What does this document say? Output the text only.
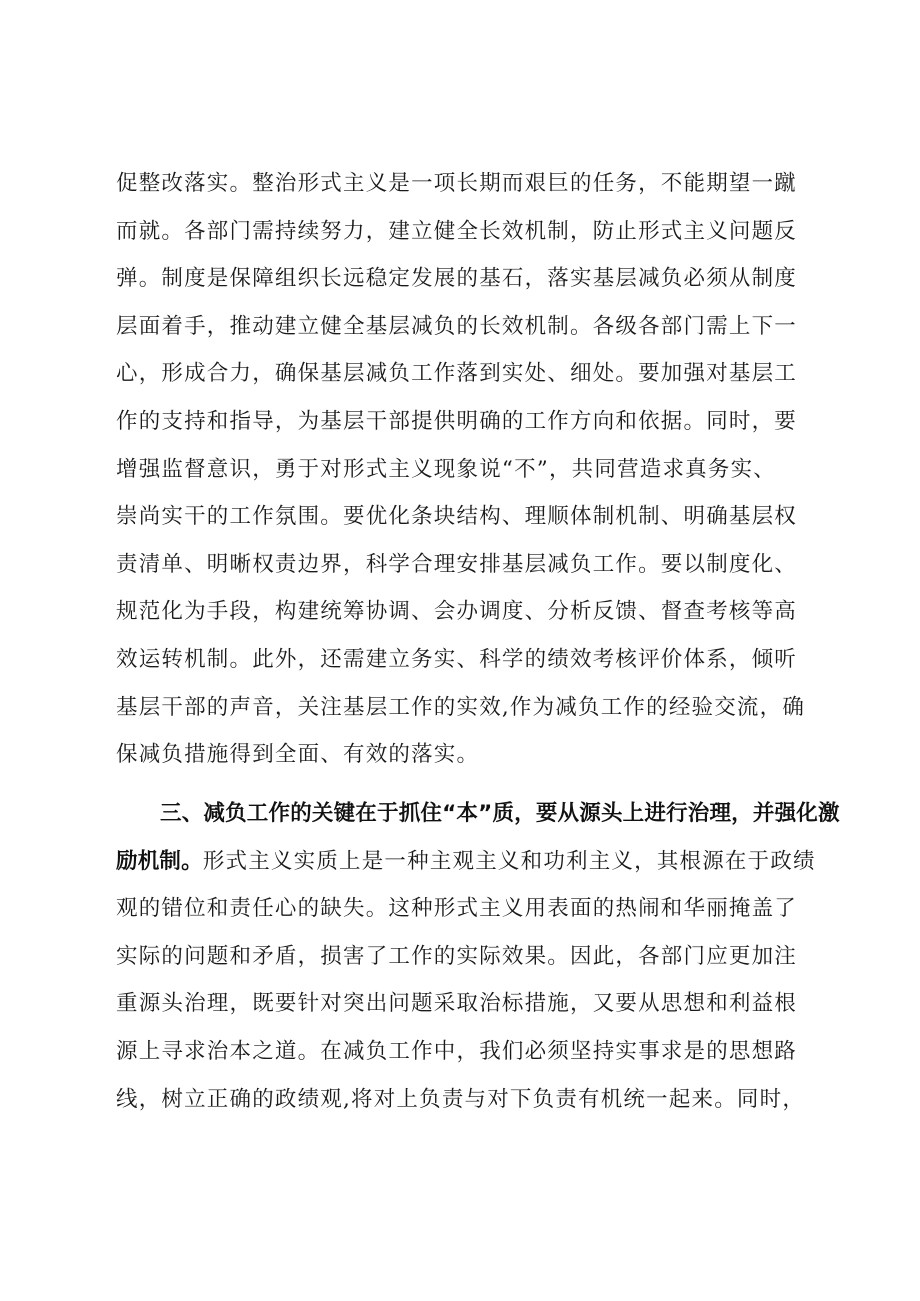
促整改落实。整治形式主义是一项长期而艰巨的任务，不能期望一蹴
而就。各部门需持续努力，建立健全长效机制，防止形式主义问题反
弹。制度是保障组织长远稳定发展的基石，落实基层减负必须从制度
层面着手，推动建立健全基层减负的长效机制。各级各部门需上下一
心，形成合力，确保基层减负工作落到实处、细处。要加强对基层工
作的支持和指导，为基层干部提供明确的工作方向和依据。同时，要
增强监督意识，勇于对形式主义现象说“不”，共同营造求真务实、
崇尚实干的工作氛围。要优化条块结构、理顺体制机制、明确基层权
责清单、明晰权责边界，科学合理安排基层减负工作。要以制度化、
规范化为手段，构建统筹协调、会办调度、分析反馈、督查考核等高
效运转机制。此外，还需建立务实、科学的绩效考核评价体系，倾听
基层干部的声音，关注基层工作的实效,作为减负工作的经验交流，确
保减负措施得到全面、有效的落实。
三、减负工作的关键在于抓住“本”质，要从源头上进行治理，并强化激
励机制。形式主义实质上是一种主观主义和功利主义，其根源在于政绩
观的错位和责任心的缺失。这种形式主义用表面的热闹和华丽掩盖了
实际的问题和矛盾，损害了工作的实际效果。因此，各部门应更加注
重源头治理，既要针对突出问题采取治标措施，又要从思想和利益根
源上寻求治本之道。在减负工作中，我们必须坚持实事求是的思想路
线，树立正确的政绩观,将对上负责与对下负责有机统一起来。同时，
